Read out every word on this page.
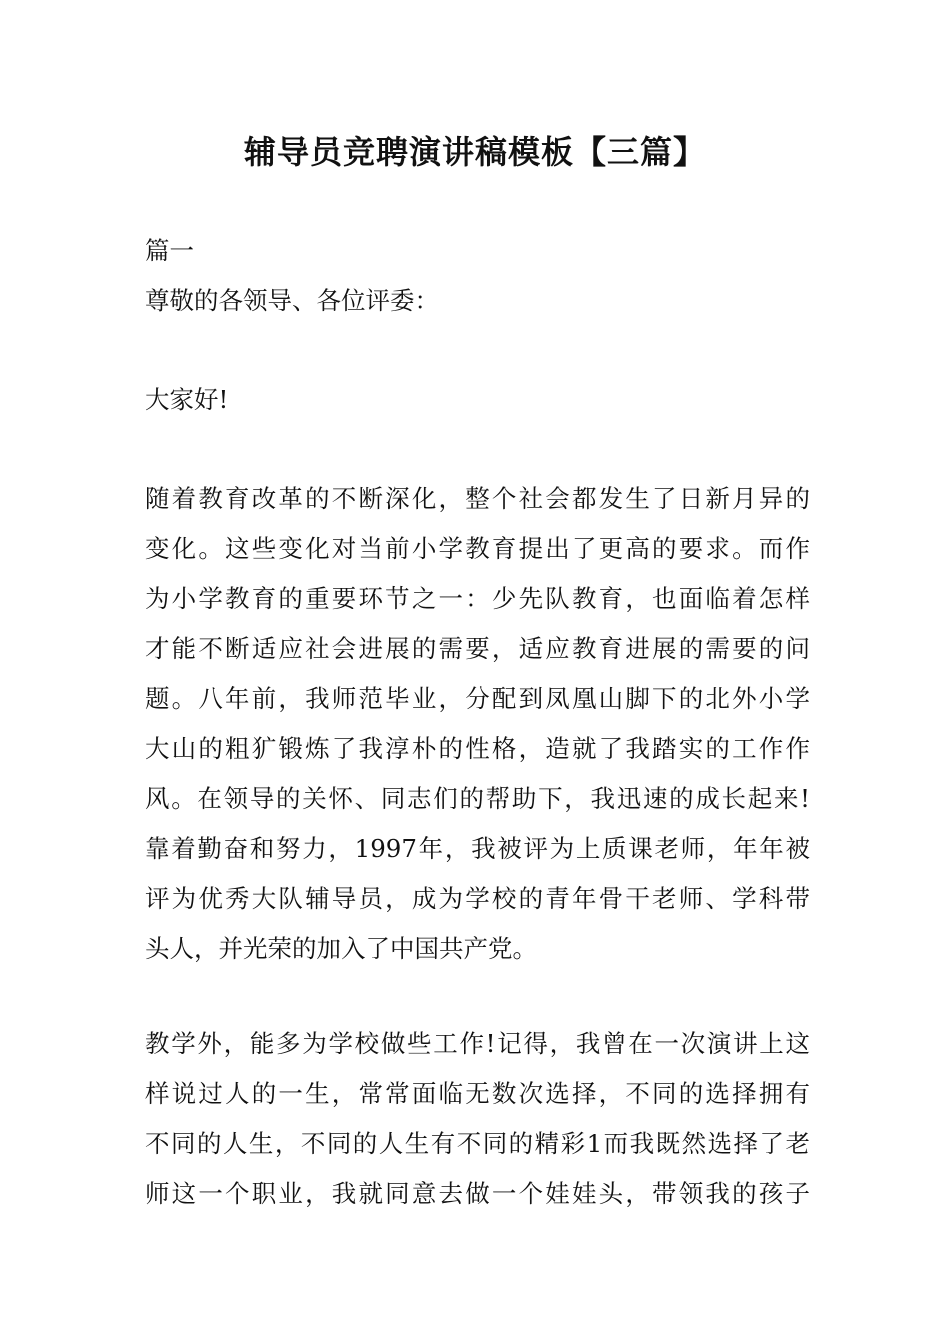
辅导员竞聘演讲稿模板【三篇】

篇一

尊敬的各领导、各位评委：

大家好!

随着教育改革的不断深化，整个社会都发生了日新月异的
变化。这些变化对当前小学教育提出了更高的要求。而作
为小学教育的重要环节之一：少先队教育，也面临着怎样
才能不断适应社会进展的需要，适应教育进展的需要的问
题。八年前，我师范毕业，分配到凤凰山脚下的北外小学
大山的粗犷锻炼了我淳朴的性格，造就了我踏实的工作作
风。在领导的关怀、同志们的帮助下，我迅速的成长起来!
靠着勤奋和努力，1997年，我被评为上质课老师，年年被
评为优秀大队辅导员，成为学校的青年骨干老师、学科带
头人，并光荣的加入了中国共产党。
教学外，能多为学校做些工作!记得，我曾在一次演讲上这
样说过人的一生，常常面临无数次选择，不同的选择拥有
不同的人生，不同的人生有不同的精彩1而我既然选择了老
师这一个职业，我就同意去做一个娃娃头，带领我的孩子
